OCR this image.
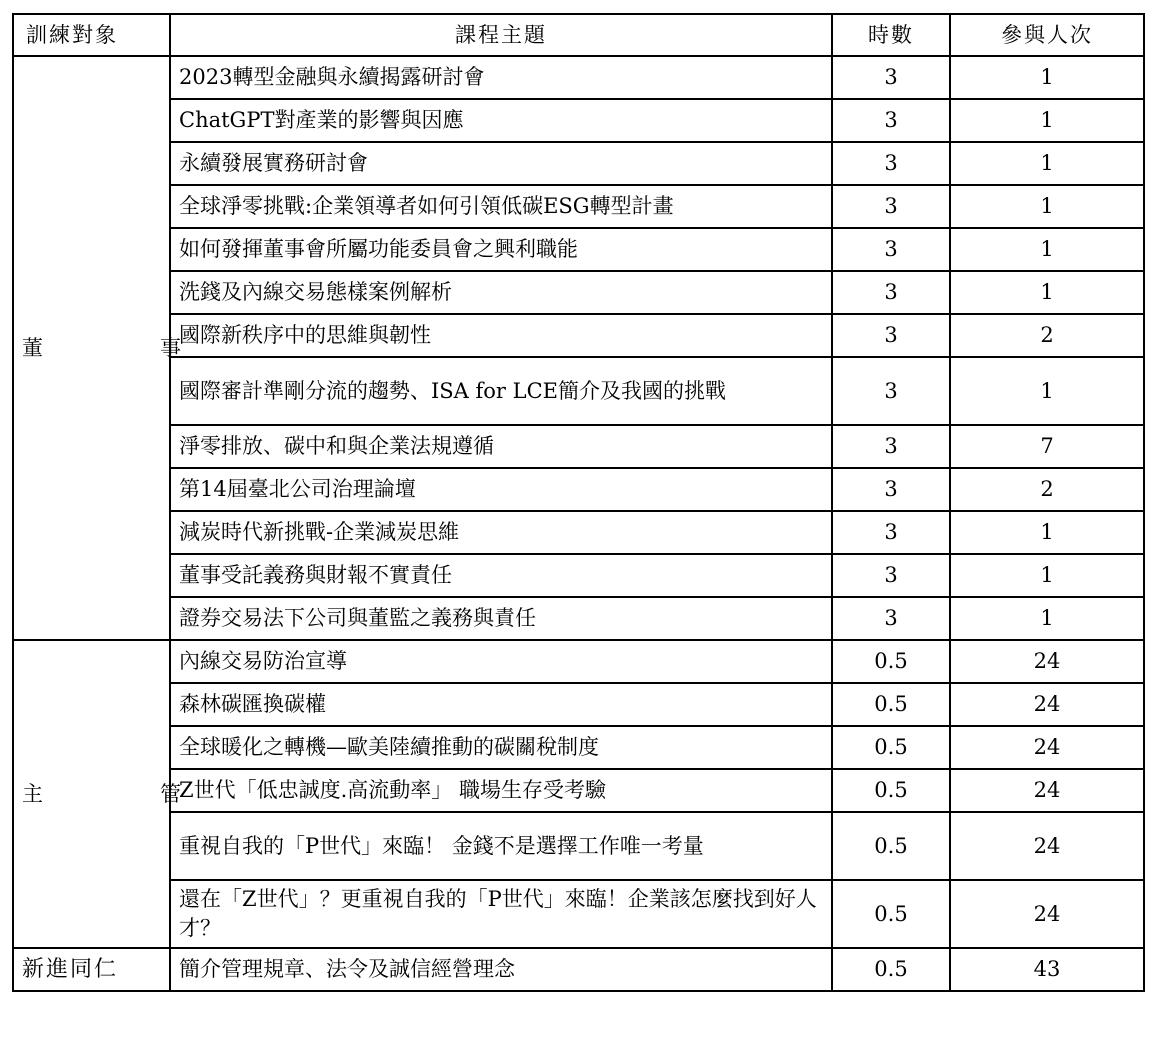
訓練對象	課程主題	時數	參與人次
董　事	2023轉型金融與永續揭露研討會	3	1
	ChatGPT對產業的影響與因應	3	1
	永續發展實務研討會	3	1
	全球淨零挑戰:企業領導者如何引領低碳ESG轉型計畫	3	1
	如何發揮董事會所屬功能委員會之興利職能	3	1
	洗錢及內線交易態樣案例解析	3	1
	國際新秩序中的思維與韌性	3	2
	國際審計準剛分流的趨勢、ISA for LCE簡介及我國的挑戰	3	1
	淨零排放、碳中和與企業法規遵循	3	7
	第14屆臺北公司治理論壇	3	2
	減炭時代新挑戰-企業減炭思維	3	1
	董事受託義務與財報不實責任	3	1
	證券交易法下公司與董監之義務與責任	3	1
主　管	內線交易防治宣導	0.5	24
	森林碳匯換碳權	0.5	24
	全球暖化之轉機—歐美陸續推動的碳關稅制度	0.5	24
	Z世代「低忠誠度.高流動率」 職場生存受考驗	0.5	24
	重視自我的「P世代」來臨！ 金錢不是選擇工作唯一考量	0.5	24
	還在「Z世代」？更重視自我的「P世代」來臨！企業該怎麼找到好人才？	0.5	24
新進同仁	簡介管理規章、法令及誠信經營理念	0.5	43
